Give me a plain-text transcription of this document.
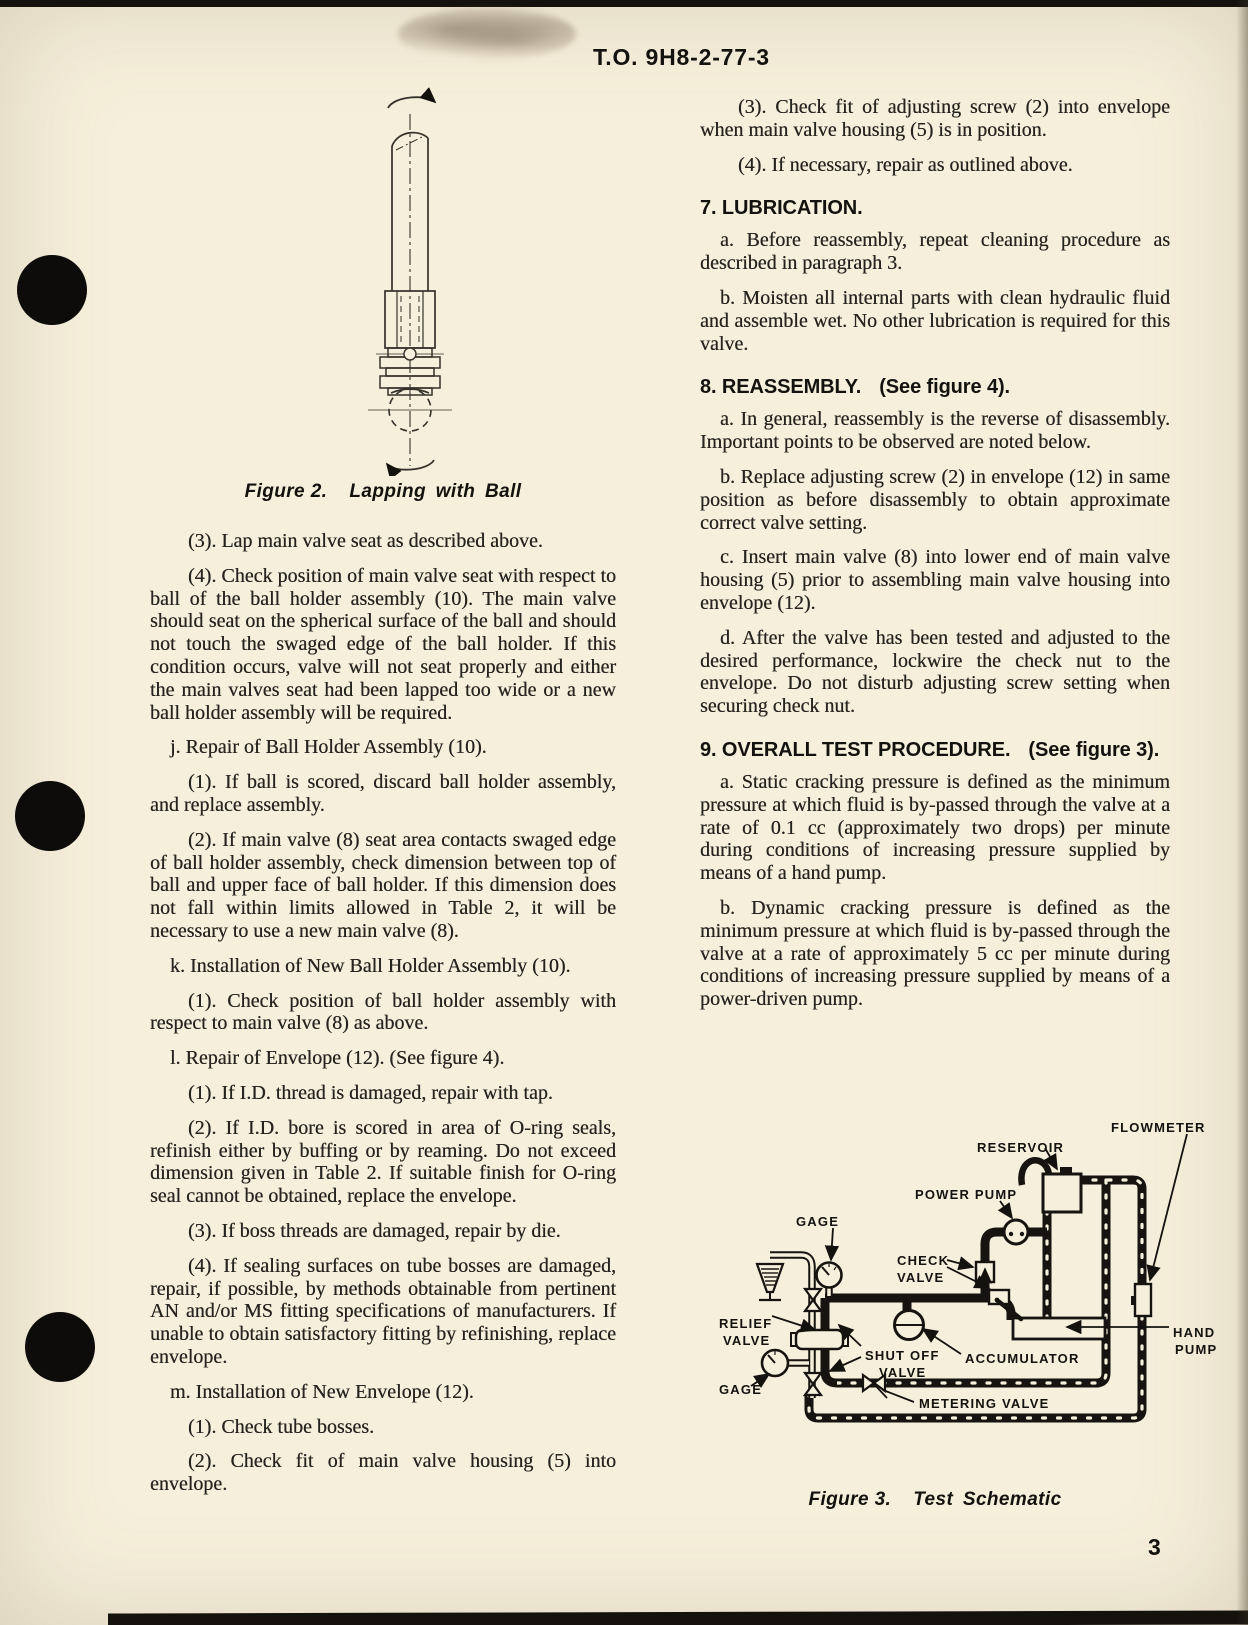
T.O. 9H8-2-77-3
Figure 2. Lapping with Ball

(3). Lap main valve seat as described above.

(4). Check position of main valve seat with respect to ball of the ball holder assembly (10). The main valve should seat on the spherical surface of the ball and should not touch the swaged edge of the ball holder. If this condition occurs, valve will not seat properly and either the main valves seat had been lapped too wide or a new ball holder assembly will be required.

j. Repair of Ball Holder Assembly (10).

(1). If ball is scored, discard ball holder assembly, and replace assembly.

(2). If main valve (8) seat area contacts swaged edge of ball holder assembly, check dimension between top of ball and upper face of ball holder. If this dimension does not fall within limits allowed in Table 2, it will be necessary to use a new main valve (8).

k. Installation of New Ball Holder Assembly (10).

(1). Check position of ball holder assembly with respect to main valve (8) as above.

l. Repair of Envelope (12). (See figure 4).

(1). If I.D. thread is damaged, repair with tap.

(2). If I.D. bore is scored in area of O-ring seals, refinish either by buffing or by reaming. Do not exceed dimension given in Table 2. If suitable finish for O-ring seal cannot be obtained, replace the envelope.

(3). If boss threads are damaged, repair by die.

(4). If sealing surfaces on tube bosses are damaged, repair, if possible, by methods obtainable from pertinent AN and/or MS fitting specifications of manufacturers. If unable to obtain satisfactory fitting by refinishing, replace envelope.

m. Installation of New Envelope (12).

(1). Check tube bosses.

(2). Check fit of main valve housing (5) into envelope.

(3). Check fit of adjusting screw (2) into envelope when main valve housing (5) is in position.

(4). If necessary, repair as outlined above.

7. LUBRICATION.

a. Before reassembly, repeat cleaning procedure as described in paragraph 3.

b. Moisten all internal parts with clean hydraulic fluid and assemble wet. No other lubrication is required for this valve.

8. REASSEMBLY. (See figure 4).

a. In general, reassembly is the reverse of disassembly. Important points to be observed are noted below.

b. Replace adjusting screw (2) in envelope (12) in same position as before disassembly to obtain approximate correct valve setting.

c. Insert main valve (8) into lower end of main valve housing (5) prior to assembling main valve housing into envelope (12).

d. After the valve has been tested and adjusted to the desired performance, lockwire the check nut to the envelope. Do not disturb adjusting screw setting when securing check nut.

9. OVERALL TEST PROCEDURE. (See figure 3).

a. Static cracking pressure is defined as the minimum pressure at which fluid is by-passed through the valve at a rate of 0.1 cc (approximately two drops) per minute during conditions of increasing pressure supplied by means of a hand pump.

b. Dynamic cracking pressure is defined as the minimum pressure at which fluid is by-passed through the valve at a rate of approximately 5 cc per minute during conditions of increasing pressure supplied by means of a power-driven pump.

FLOWMETER
RESERVOIR
POWER PUMP
GAGE
CHECK
VALVE
RELIEF
VALVE
SHUT OFF
VALVE
ACCUMULATOR
HAND
PUMP
GAGE
METERING VALVE
Figure 3. Test Schematic
3
